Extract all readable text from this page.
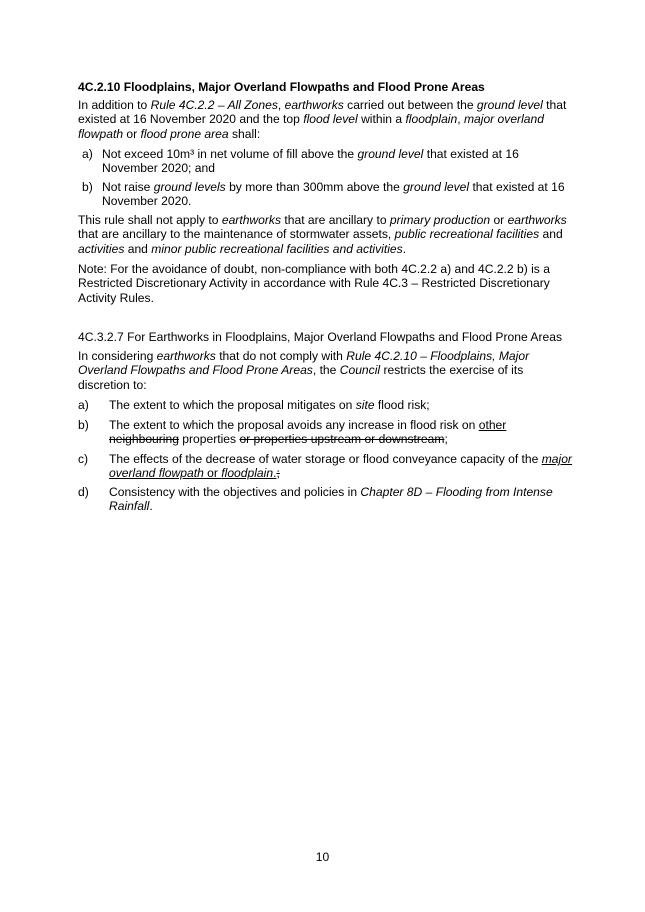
4C.2.10 Floodplains, Major Overland Flowpaths and Flood Prone Areas

In addition to Rule 4C.2.2 – All Zones, earthworks carried out between the ground level that existed at 16 November 2020 and the top flood level within a floodplain, major overland flowpath or flood prone area shall:

a) Not exceed 10m³ in net volume of fill above the ground level that existed at 16 November 2020; and
b) Not raise ground levels by more than 300mm above the ground level that existed at 16 November 2020.

This rule shall not apply to earthworks that are ancillary to primary production or earthworks that are ancillary to the maintenance of stormwater assets, public recreational facilities and activities and minor public recreational facilities and activities.

Note: For the avoidance of doubt, non-compliance with both 4C.2.2 a) and 4C.2.2 b) is a Restricted Discretionary Activity in accordance with Rule 4C.3 – Restricted Discretionary Activity Rules.

4C.3.2.7 For Earthworks in Floodplains, Major Overland Flowpaths and Flood Prone Areas

In considering earthworks that do not comply with Rule 4C.2.10 – Floodplains, Major Overland Flowpaths and Flood Prone Areas, the Council restricts the exercise of its discretion to:

a) The extent to which the proposal mitigates on site flood risk;
b) The extent to which the proposal avoids any increase in flood risk on other neighbouring properties or properties upstream or downstream;
c) The effects of the decrease of water storage or flood conveyance capacity of the major overland flowpath or floodplain.;
d) Consistency with the objectives and policies in Chapter 8D – Flooding from Intense Rainfall.
10
